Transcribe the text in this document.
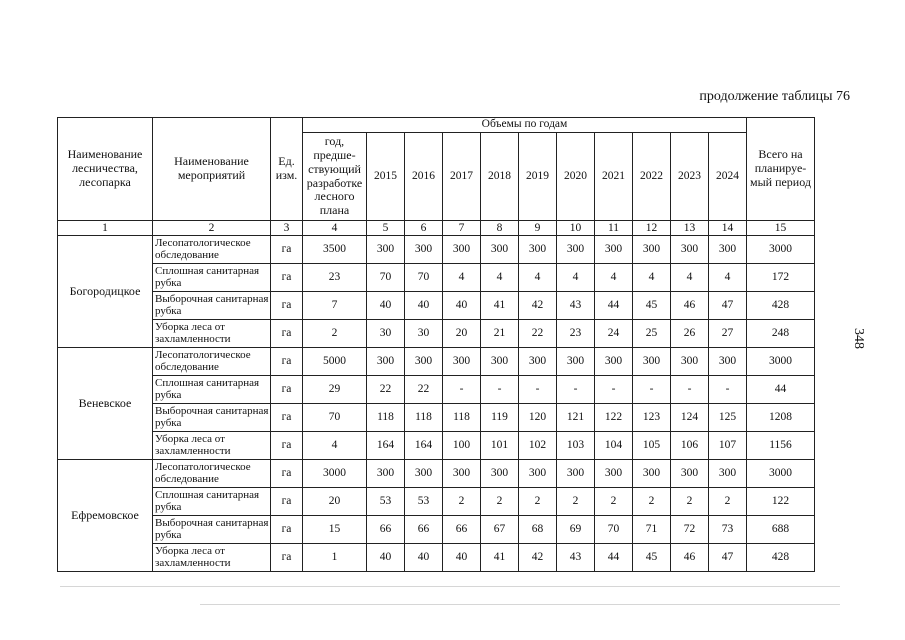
продолжение таблицы 76
348
Наименование лесничества, лесопарка	Наименование мероприятий	Ед. изм.	Объемы по годам											Всего на планируе-мый период
			год, предше-ствующий разработке лесного плана	2015	2016	2017	2018	2019	2020	2021	2022	2023	2024	
1	2	3	4	5	6	7	8	9	10	11	12	13	14	15
Богородицкое	Лесопатологическое обследование	га	3500	300	300	300	300	300	300	300	300	300	300	3000
	Сплошная санитарная рубка	га	23	70	70	4	4	4	4	4	4	4	4	172
	Выборочная санитарная рубка	га	7	40	40	40	41	42	43	44	45	46	47	428
	Уборка леса от захламленности	га	2	30	30	20	21	22	23	24	25	26	27	248
Веневское	Лесопатологическое обследование	га	5000	300	300	300	300	300	300	300	300	300	300	3000
	Сплошная санитарная рубка	га	29	22	22	-	-	-	-	-	-	-	-	44
	Выборочная санитарная рубка	га	70	118	118	118	119	120	121	122	123	124	125	1208
	Уборка леса от захламленности	га	4	164	164	100	101	102	103	104	105	106	107	1156
Ефремовское	Лесопатологическое обследование	га	3000	300	300	300	300	300	300	300	300	300	300	3000
	Сплошная санитарная рубка	га	20	53	53	2	2	2	2	2	2	2	2	122
	Выборочная санитарная рубка	га	15	66	66	66	67	68	69	70	71	72	73	688
	Уборка леса от захламленности	га	1	40	40	40	41	42	43	44	45	46	47	428
